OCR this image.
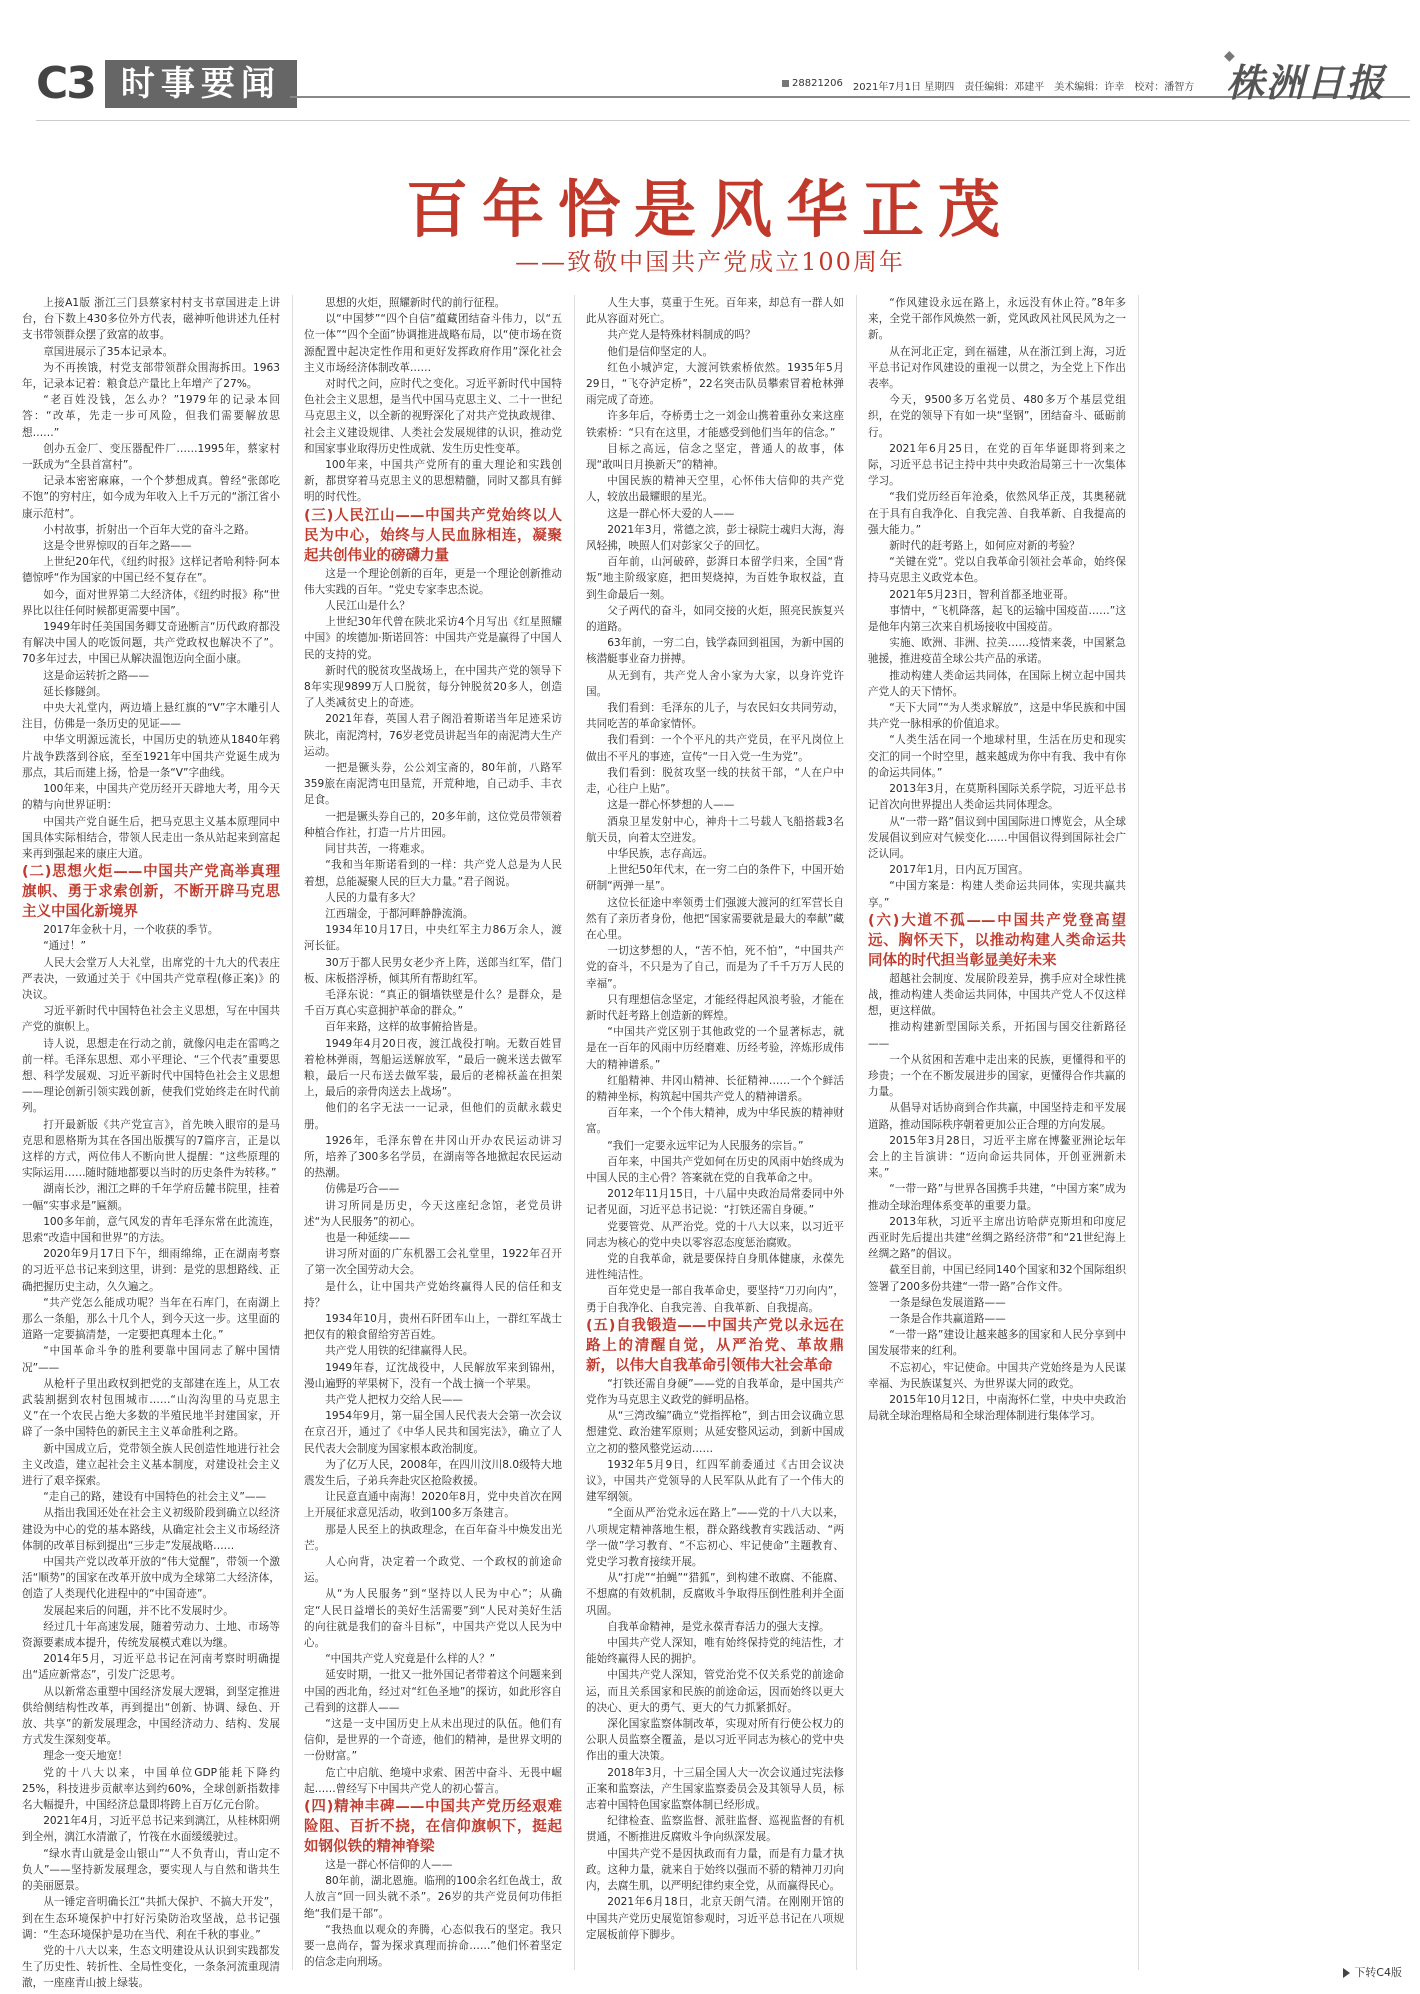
C3 时事要闻	28821206 2021年7月1日 星期四 责任编辑：邓建平 美术编辑：许幸 校对：潘智方
◆
株洲日报
百年恰是风华正茂
——致敬中国共产党成立100周年

上接A1版 浙江三门县蔡家村村支书章国进走上讲台，台下数上430多位外方代表，磁神听他讲述九任村支书带领群众摆了致富的故事。

章国进展示了35本记录本。

为不再挨饿，村党支部带领群众围海拆田。1963年，记录本记着：粮食总产量比上年增产了27%。

“老百姓没钱，怎么办？”1979年的记录本回答：“改革，先走一步可风险，但我们需要解放思想……”

创办五金厂、变压器配件厂……1995年，蔡家村一跃成为“全县首富村”。

记录本密密麻麻，一个个梦想成真。曾经“张郎吃不饱”的穷村庄，如今成为年收入上千万元的“浙江省小康示范村”。

小村故事，折射出一个百年大党的奋斗之路。

这是令世界惊叹的百年之路——

上世纪20年代，《纽约时报》这样记者哈利特·阿本德惊呼“作为国家的中国已经不复存在”。

如今，面对世界第二大经济体，《纽约时报》称“世界比以往任何时候都更需要中国”。

1949年时任美国国务卿艾奇逊断言“历代政府都没有解决中国人的吃饭问题，共产党政权也解决不了”。70多年过去，中国已从解决温饱迈向全面小康。

这是命运转折之路——

延长修隧剑。

中央大礼堂内，两边墙上悬红旗的“V”字木雕引人注目，仿佛是一条历史的见证——

中华文明源远流长，中国历史的轨迹从1840年鸦片战争跌落到谷底，至至1921年中国共产党诞生成为那点，其后而建上扬，恰是一条“V”字曲线。

100年来，中国共产党历经开天辟地大考，用今天的精与向世界证明：

中国共产党自诞生后，把马克思主义基本原理同中国具体实际相结合，带领人民走出一条从站起来到富起来再到强起来的康庄大道。

(二)思想火炬——中国共产党高举真理旗帜、勇于求索创新，不断开辟马克思主义中国化新境界

2017年金秋十月，一个收获的季节。

“通过！”

人民大会堂万人大礼堂，出席党的十九大的代表庄严表决，一致通过关于《中国共产党章程(修正案)》的决议。

习近平新时代中国特色社会主义思想，写在中国共产党的旗帜上。

诗人说，思想走在行动之前，就像闪电走在雷鸣之前一样。毛泽东思想、邓小平理论、“三个代表”重要思想、科学发展观、习近平新时代中国特色社会主义思想——理论创新引领实践创新，使我们党始终走在时代前列。

打开最新版《共产党宣言》，首先映入眼帘的是马克思和恩格斯为其在各国出版撰写的7篇序言，正是以这样的方式，两位伟人不断向世人提醒：“这些原理的实际运用……随时随地都要以当时的历史条件为转移。”

湖南长沙，湘江之畔的千年学府岳麓书院里，挂着一幅“实事求是”匾额。

100多年前，意气风发的青年毛泽东常在此流连，思索“改造中国和世界”的方法。

2020年9月17日下午，细雨绵绵，正在湖南考察的习近平总书记来到这里，讲到：是党的思想路线、正确把握历史主动，久久遍之。

“共产党怎么能成功呢？当年在石库门，在南湖上那么一条船，那么十几个人，到今天这一步。这里面的道路一定要搞清楚，一定要把真理本土化。”

“中国革命斗争的胜利要靠中国同志了解中国情况”——

从枪杆子里出政权到把党的支部建在连上，从工农武装割据到农村包围城市……“山沟沟里的马克思主义”在一个农民占绝大多数的半殖民地半封建国家，开辟了一条中国特色的新民主主义革命胜利之路。

新中国成立后，党带领全族人民创造性地进行社会主义改造，建立起社会主义基本制度，对建设社会主义进行了艰辛探索。

“走自己的路，建设有中国特色的社会主义”——

从指出我国还处在社会主义初级阶段到确立以经济建设为中心的党的基本路线，从确定社会主义市场经济体制的改革目标到提出“三步走”发展战略……

中国共产党以改革开放的“伟大觉醒”，带领一个激活“顺势”的国家在改革开放中成为全球第二大经济体，创造了人类现代化进程中的“中国奇迹”。

发展起来后的问题，并不比不发展时少。

经过几十年高速发展，随着劳动力、土地、市场等资源要素成本提升，传统发展模式难以为继。

2014年5月，习近平总书记在河南考察时明确提出“适应新常态”，引发广泛思考。

从以新常态重塑中国经济发展大逻辑，到坚定推进供给侧结构性改革，再到提出“创新、协调、绿色、开放、共享”的新发展理念，中国经济动力、结构、发展方式发生深刻变革。

理念一变天地宽！

党的十八大以来，中国单位GDP能耗下降约25%，科技进步贡献率达到约60%，全球创新指数排名大幅提升，中国经济总量即将跨上百万亿元台阶。

2021年4月，习近平总书记来到漓江，从桂林阳朔到全州，漓江水清澈了，竹筏在水面缓缓驶过。

“绿水青山就是金山银山”“人不负青山，青山定不负人”——坚持新发展理念，要实现人与自然和谐共生的美丽愿景。

从一锤定音明确长江“共抓大保护、不搞大开发”，到在生态环境保护中打好污染防治攻坚战，总书记强调：“生态环境保护是功在当代、利在千秋的事业。”

党的十八大以来，生态文明建设从认识到实践都发生了历史性、转折性、全局性变化，一条条河流重现清澈，一座座青山披上绿装。

思想的火炬，照耀新时代的前行征程。

以“中国梦”“四个自信”蕴藏团结奋斗伟力，以“五位一体”“四个全面”协调推进战略布局，以“使市场在资源配置中起决定性作用和更好发挥政府作用”深化社会主义市场经济体制改革……

对时代之问，应时代之变化。习近平新时代中国特色社会主义思想，是当代中国马克思主义、二十一世纪马克思主义，以全新的视野深化了对共产党执政规律、社会主义建设规律、人类社会发展规律的认识，推动党和国家事业取得历史性成就、发生历史性变革。

100年来，中国共产党所有的重大理论和实践创新，都贯穿着马克思主义的思想精髓，同时又都具有鲜明的时代性。

(三)人民江山——中国共产党始终以人民为中心，始终与人民血脉相连，凝聚起共创伟业的磅礴力量

这是一个理论创新的百年，更是一个理论创新推动伟大实践的百年。“党史专家李忠杰说。

人民江山是什么？

上世纪30年代曾在陕北采访4个月写出《红星照耀中国》的埃德加·斯诺回答：中国共产党是赢得了中国人民的支持的党。

新时代的脱贫攻坚战场上，在中国共产党的领导下8年实现9899万人口脱贫，每分钟脱贫20多人，创造了人类减贫史上的奇迹。

2021年春，英国人君子阁沿着斯诺当年足迹采访陕北，南泥湾村，76岁老党员讲起当年的南泥湾大生产运动。

一把是镢头券，公公刘宝斋的，80年前，八路军359旅在南泥湾屯田垦荒，开荒种地，自己动手、丰衣足食。

一把是镢头券自己的，20多年前，这位党员带领着种植合作社，打造一片片田园。

同甘共苦，一将难求。

“我和当年斯诺看到的一样：共产党人总是为人民着想，总能凝聚人民的巨大力量。”君子阁说。

人民的力量有多大？

江西瑞金，于都河畔静静流淌。

1934年10月17日，中央红军主力86万余人，渡河长征。

30万于都人民男女老少齐上阵，送郎当红军，借门板、床板搭浮桥，倾其所有帮助红军。

毛泽东说：“真正的铜墙铁壁是什么？是群众，是千百万真心实意拥护革命的群众。”

百年来路，这样的故事俯拾皆是。

1949年4月20日夜，渡江战役打响。无数百姓冒着枪林弹雨，驾船运送解放军，“最后一碗米送去做军粮，最后一尺布送去做军装，最后的老棉袄盖在担架上，最后的亲骨肉送去上战场”。

他们的名字无法一一记录，但他们的贡献永载史册。

1926年，毛泽东曾在井冈山开办农民运动讲习所，培养了300多名学员，在湖南等各地掀起农民运动的热潮。

仿佛是巧合——

讲习所同是历史，今天这座纪念馆，老党员讲述“为人民服务”的初心。

也是一种延续——

讲习所对面的广东机器工会礼堂里，1922年召开了第一次全国劳动大会。

是什么，让中国共产党始终赢得人民的信任和支持？

1934年10月，贵州石阡团车山上，一群红军战士把仅有的粮食留给穷苦百姓。

共产党人用铁的纪律赢得人民。

1949年春，辽沈战役中，人民解放军来到锦州，漫山遍野的苹果树下，没有一个战士摘一个苹果。

共产党人把权力交给人民——

1954年9月，第一届全国人民代表大会第一次会议在京召开，通过了《中华人民共和国宪法》，确立了人民代表大会制度为国家根本政治制度。

为了亿万人民，2008年，在四川汶川8.0级特大地震发生后，子弟兵奔赴灾区抢险救援。

让民意直通中南海！2020年8月，党中央首次在网上开展征求意见活动，收到100多万条建言。

那是人民至上的执政理念，在百年奋斗中焕发出光芒。

人心向背，决定着一个政党、一个政权的前途命运。

从“为人民服务”到“坚持以人民为中心”；从确定“人民日益增长的美好生活需要”到“人民对美好生活的向往就是我们的奋斗目标”，中国共产党以人民为中心。

“中国共产党人究竟是什么样的人？”

延安时期，一批又一批外国记者带着这个问题来到中国的西北角，经过对“红色圣地”的探访，如此形容自己看到的这群人——

“这是一支中国历史上从未出现过的队伍。他们有信仰，是世界的一个奇迹，他们的精神，是世界文明的一份财富。”

危亡中启航、绝境中求索、困苦中奋斗、无畏中崛起……曾经写下中国共产党人的初心誓言。

(四)精神丰碑——中国共产党历经艰难险阻、百折不挠，在信仰旗帜下，挺起如钢似铁的精神脊梁

这是一群心怀信仰的人——

80年前，湖北恩施。临刑的100余名红色战士，敌人放言“回一回头就不杀”。26岁的共产党员何功伟拒绝“我们是干部”。

“我热血以观众的奔腾，心态似我石的坚定。我只要一息尚存，誓为探求真理而拚命……”他们怀着坚定的信念走向刑场。

人生大事，莫重于生死。百年来，却总有一群人如此从容面对死亡。

共产党人是特殊材料制成的吗？

他们是信仰坚定的人。

红色小城泸定，大渡河铁索桥依然。1935年5月29日，“飞夺泸定桥”，22名突击队员攀索冒着枪林弹雨完成了奇迹。

许多年后，夺桥勇士之一刘金山携着重孙女来这座铁索桥：“只有在这里，才能感受到他们当年的信念。”

目标之高远，信念之坚定，普通人的故事，体现“敢叫日月换新天”的精神。

中国民族的精神天空里，心怀伟大信仰的共产党人，较放出最耀眼的星光。

这是一群心怀大爱的人——

2021年3月，常德之滨，彭士禄院士魂归大海，海风轻拂，映照人们对彭家父子的回忆。

百年前，山河破碎，彭湃日本留学归来，全国“背叛”地主阶级家庭，把田契烧掉，为百姓争取权益，直到生命最后一刻。

父子两代的奋斗，如同交接的火炬，照亮民族复兴的道路。

63年前，一穷二白，钱学森回到祖国，为新中国的核潜艇事业奋力拼搏。

从无到有，共产党人舍小家为大家，以身许党许国。

我们看到：毛泽东的儿子，与农民妇女共同劳动，共同吃苦的革命家情怀。

我们看到：一个个平凡的共产党员，在平凡岗位上做出不平凡的事迹，宣传“一日入党一生为党”。

我们看到：脱贫攻坚一线的扶贫干部，“人在户中走，心往户上贴”。

这是一群心怀梦想的人——

酒泉卫星发射中心，神舟十二号载人飞船搭载3名航天员，向着太空进发。

中华民族，志存高远。

上世纪50年代末，在一穷二白的条件下，中国开始研制“两弹一星”。

这位长征途中率领勇士们强渡大渡河的红军营长自然有了亲历者身份，他把“国家需要就是最大的奉献”藏在心里。

一切这梦想的人，“苦不怕，死不怕”，“中国共产党的奋斗，不只是为了自己，而是为了千千万万人民的幸福”。

只有理想信念坚定，才能经得起风浪考验，才能在新时代赶考路上创造新的辉煌。

“中国共产党区别于其他政党的一个显著标志，就是在一百年的风雨中历经磨难、历经考验，淬炼形成伟大的精神谱系。”

红船精神、井冈山精神、长征精神……一个个鲜活的精神坐标，构筑起中国共产党人的精神谱系。

百年来，一个个伟大精神，成为中华民族的精神财富。

“我们一定要永远牢记为人民服务的宗旨。”

百年来，中国共产党如何在历史的风雨中始终成为中国人民的主心骨？答案就在党的自我革命之中。

2012年11月15日，十八届中央政治局常委同中外记者见面，习近平总书记说：“打铁还需自身硬。”

党要管党、从严治党。党的十八大以来，以习近平同志为核心的党中央以零容忍态度惩治腐败。

党的自我革命，就是要保持自身肌体健康，永葆先进性纯洁性。

百年党史是一部自我革命史，要坚持“刀刃向内”，勇于自我净化、自我完善、自我革新、自我提高。

(五)自我锻造——中国共产党以永远在路上的清醒自觉，从严治党、革故鼎新，以伟大自我革命引领伟大社会革命

“打铁还需自身硬”——党的自我革命，是中国共产党作为马克思主义政党的鲜明品格。

从“三湾改编”确立“党指挥枪”，到古田会议确立思想建党、政治建军原则；从延安整风运动，到新中国成立之初的整风整党运动……

1932年5月9日，红四军前委通过《古田会议决议》，中国共产党领导的人民军队从此有了一个伟大的建军纲领。

“全面从严治党永远在路上”——党的十八大以来，八项规定精神落地生根，群众路线教育实践活动、“两学一做”学习教育、“不忘初心、牢记使命”主题教育、党史学习教育接续开展。

从“打虎”“拍蝇”“猎狐”，到构建不敢腐、不能腐、不想腐的有效机制，反腐败斗争取得压倒性胜利并全面巩固。

自我革命精神，是党永葆青春活力的强大支撑。

中国共产党人深知，唯有始终保持党的纯洁性，才能始终赢得人民的拥护。

中国共产党人深知，管党治党不仅关系党的前途命运，而且关系国家和民族的前途命运，因而始终以更大的决心、更大的勇气、更大的气力抓紧抓好。

深化国家监察体制改革，实现对所有行使公权力的公职人员监察全覆盖，是以习近平同志为核心的党中央作出的重大决策。

2018年3月，十三届全国人大一次会议通过宪法修正案和监察法，产生国家监察委员会及其领导人员，标志着中国特色国家监察体制已经形成。

纪律检查、监察监督、派驻监督、巡视监督的有机贯通，不断推进反腐败斗争向纵深发展。

中国共产党不是因执政而有力量，而是有力量才执政。这种力量，就来自于始终以强而不骄的精神刀刃向内，去腐生肌，以严明纪律约束全党，从而赢得民心。

2021年6月18日，北京天朗气清。在刚刚开馆的中国共产党历史展览馆参观时，习近平总书记在八项规定展板前停下脚步。

“作风建设永远在路上，永远没有休止符。”8年多来，全党干部作风焕然一新，党风政风社风民风为之一新。

从在河北正定，到在福建，从在浙江到上海，习近平总书记对作风建设的重视一以贯之，为全党上下作出表率。

今天，9500多万名党员、480多万个基层党组织，在党的领导下有如一块“坚钢”，团结奋斗、砥砺前行。

2021年6月25日，在党的百年华诞即将到来之际，习近平总书记主持中共中央政治局第三十一次集体学习。

“我们党历经百年沧桑，依然风华正茂，其奥秘就在于具有自我净化、自我完善、自我革新、自我提高的强大能力。”

新时代的赶考路上，如何应对新的考验？

“关键在党”。党以自我革命引领社会革命，始终保持马克思主义政党本色。

2021年5月23日，智利首都圣地亚哥。

事情中，“飞机降落，起飞的运输中国疫苗……”这是他年内第三次来自机场接收中国疫苗。

实施、欧洲、非洲、拉美……疫情来袭，中国紧急驰援，推进疫苗全球公共产品的承诺。

推动构建人类命运共同体，在国际上树立起中国共产党人的天下情怀。

“天下大同”“为人类求解放”，这是中华民族和中国共产党一脉相承的价值追求。

“人类生活在同一个地球村里，生活在历史和现实交汇的同一个时空里，越来越成为你中有我、我中有你的命运共同体。”

2013年3月，在莫斯科国际关系学院，习近平总书记首次向世界提出人类命运共同体理念。

从“一带一路”倡议到中国国际进口博览会，从全球发展倡议到应对气候变化……中国倡议得到国际社会广泛认同。

2017年1月，日内瓦万国宫。

“中国方案是：构建人类命运共同体，实现共赢共享。”

(六)大道不孤——中国共产党登高望远、胸怀天下，以推动构建人类命运共同体的时代担当彰显美好未来

超越社会制度、发展阶段差异，携手应对全球性挑战，推动构建人类命运共同体，中国共产党人不仅这样想，更这样做。

推动构建新型国际关系，开拓国与国交往新路径——

一个从贫困和苦难中走出来的民族，更懂得和平的珍贵；一个在不断发展进步的国家，更懂得合作共赢的力量。

从倡导对话协商到合作共赢，中国坚持走和平发展道路，推动国际秩序朝着更加公正合理的方向发展。

2015年3月28日，习近平主席在博鳌亚洲论坛年会上的主旨演讲：“迈向命运共同体，开创亚洲新未来。”

“一带一路”与世界各国携手共建，“中国方案”成为推动全球治理体系变革的重要力量。

2013年秋，习近平主席出访哈萨克斯坦和印度尼西亚时先后提出共建“丝绸之路经济带”和“21世纪海上丝绸之路”的倡议。

截至目前，中国已经同140个国家和32个国际组织签署了200多份共建“一带一路”合作文件。

一条是绿色发展道路——

一条是合作共赢道路——

“一带一路”建设让越来越多的国家和人民分享到中国发展带来的红利。

不忘初心，牢记使命。中国共产党始终是为人民谋幸福、为民族谋复兴、为世界谋大同的政党。

2015年10月12日，中南海怀仁堂，中央中央政治局就全球治理格局和全球治理体制进行集体学习。

下转C4版
